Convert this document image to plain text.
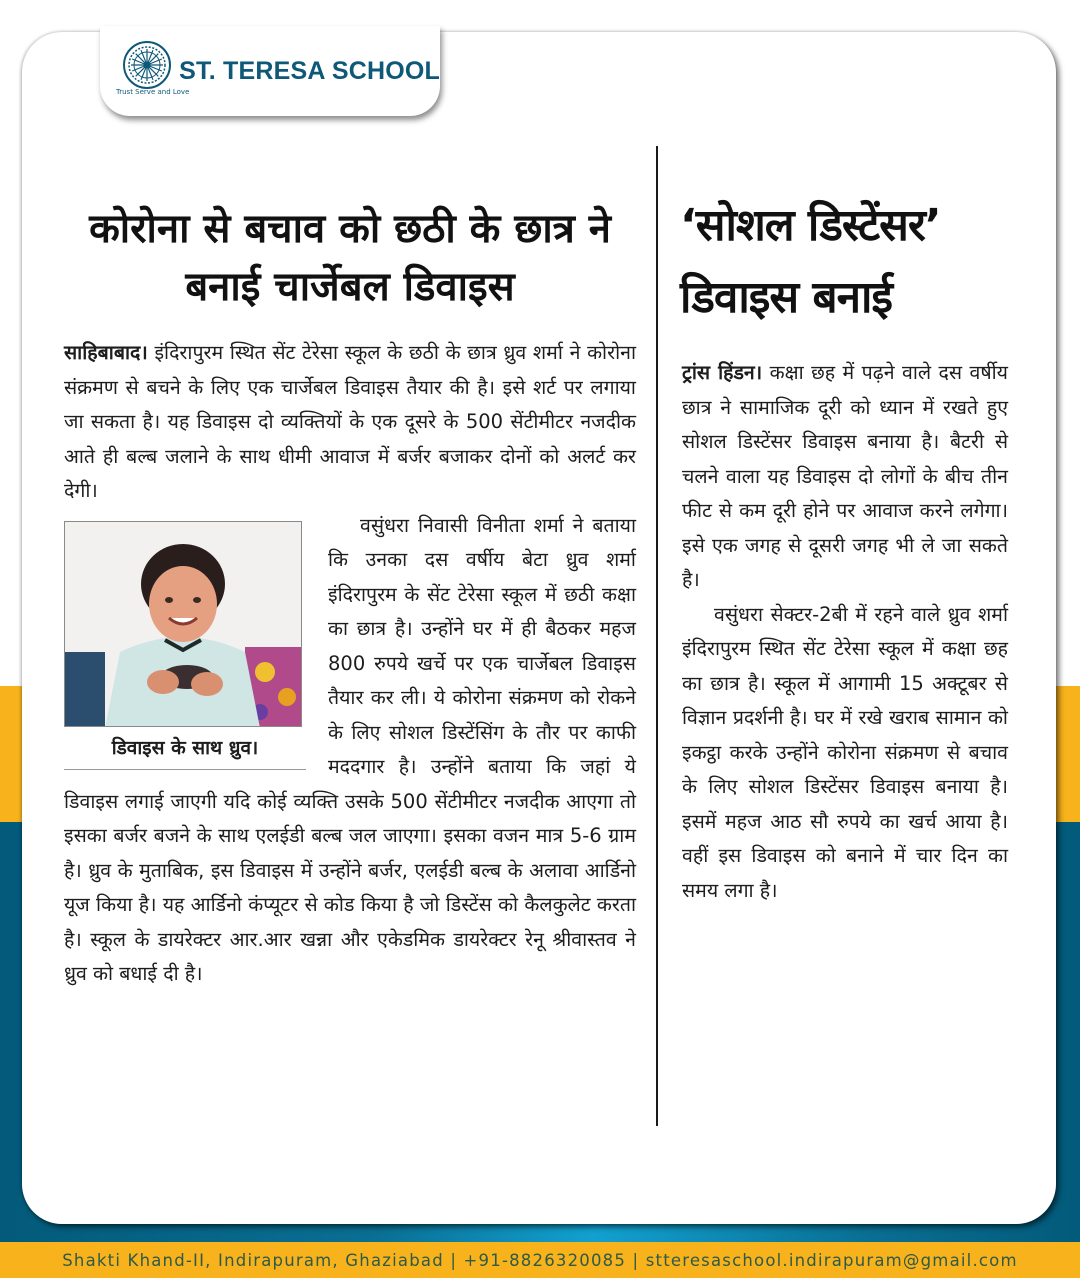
Trust Serve and Love
ST. TERESA SCHOOL
कोरोना से बचाव को छठी के छात्र ने बनाई चार्जेबल डिवाइस

साहिबाबाद। इंदिरापुरम स्थित सेंट टेरेसा स्कूल के छठी के छात्र ध्रुव शर्मा ने कोरोना संक्रमण से बचने के लिए एक चार्जेबल डिवाइस तैयार की है। इसे शर्ट पर लगाया जा सकता है। यह डिवाइस दो व्यक्तियों के एक दूसरे के 500 सेंटीमीटर नजदीक आते ही बल्ब जलाने के साथ धीमी आवाज में बर्जर बजाकर दोनों को अलर्ट कर देगी।

डिवाइस के साथ ध्रुव।

वसुंधरा निवासी विनीता शर्मा ने बताया कि उनका दस वर्षीय बेटा ध्रुव शर्मा इंदिरापुरम के सेंट टेरेसा स्कूल में छठी कक्षा का छात्र है। उन्होंने घर में ही बैठकर महज 800 रुपये खर्चे पर एक चार्जेबल डिवाइस तैयार कर ली। ये कोरोना संक्रमण को रोकने के लिए सोशल डिस्टेंसिंग के तौर पर काफी मददगार है। उन्होंने बताया कि जहां ये डिवाइस लगाई जाएगी यदि कोई व्यक्ति उसके 500 सेंटीमीटर नजदीक आएगा तो इसका बर्जर बजने के साथ एलईडी बल्ब जल जाएगा। इसका वजन मात्र 5-6 ग्राम है। ध्रुव के मुताबिक, इस डिवाइस में उन्होंने बर्जर, एलईडी बल्ब के अलावा आर्डिनो यूज किया है। यह आर्डिनो कंप्यूटर से कोड किया है जो डिस्टेंस को कैलकुलेट करता है। स्कूल के डायरेक्टर आर.आर खन्ना और एकेडमिक डायरेक्टर रेनू श्रीवास्तव ने ध्रुव को बधाई दी है।

‘सोशल डिस्टेंसर’
डिवाइस बनाई

ट्रांस हिंडन। कक्षा छह में पढ़ने वाले दस वर्षीय छात्र ने सामाजिक दूरी को ध्यान में रखते हुए सोशल डिस्टेंसर डिवाइस बनाया है। बैटरी से चलने वाला यह डिवाइस दो लोगों के बीच तीन फीट से कम दूरी होने पर आवाज करने लगेगा। इसे एक जगह से दूसरी जगह भी ले जा सकते है।

वसुंधरा सेक्टर-2बी में रहने वाले ध्रुव शर्मा इंदिरापुरम स्थित सेंट टेरेसा स्कूल में कक्षा छह का छात्र है। स्कूल में आगामी 15 अक्टूबर से विज्ञान प्रदर्शनी है। घर में रखे खराब सामान को इकट्ठा करके उन्होंने कोरोना संक्रमण से बचाव के लिए सोशल डिस्टेंसर डिवाइस बनाया है। इसमें महज आठ सौ रुपये का खर्च आया है। वहीं इस डिवाइस को बनाने में चार दिन का समय लगा है।

Shakti Khand-II, Indirapuram, Ghaziabad | +91-8826320085 | stteresaschool.indirapuram@gmail.com
